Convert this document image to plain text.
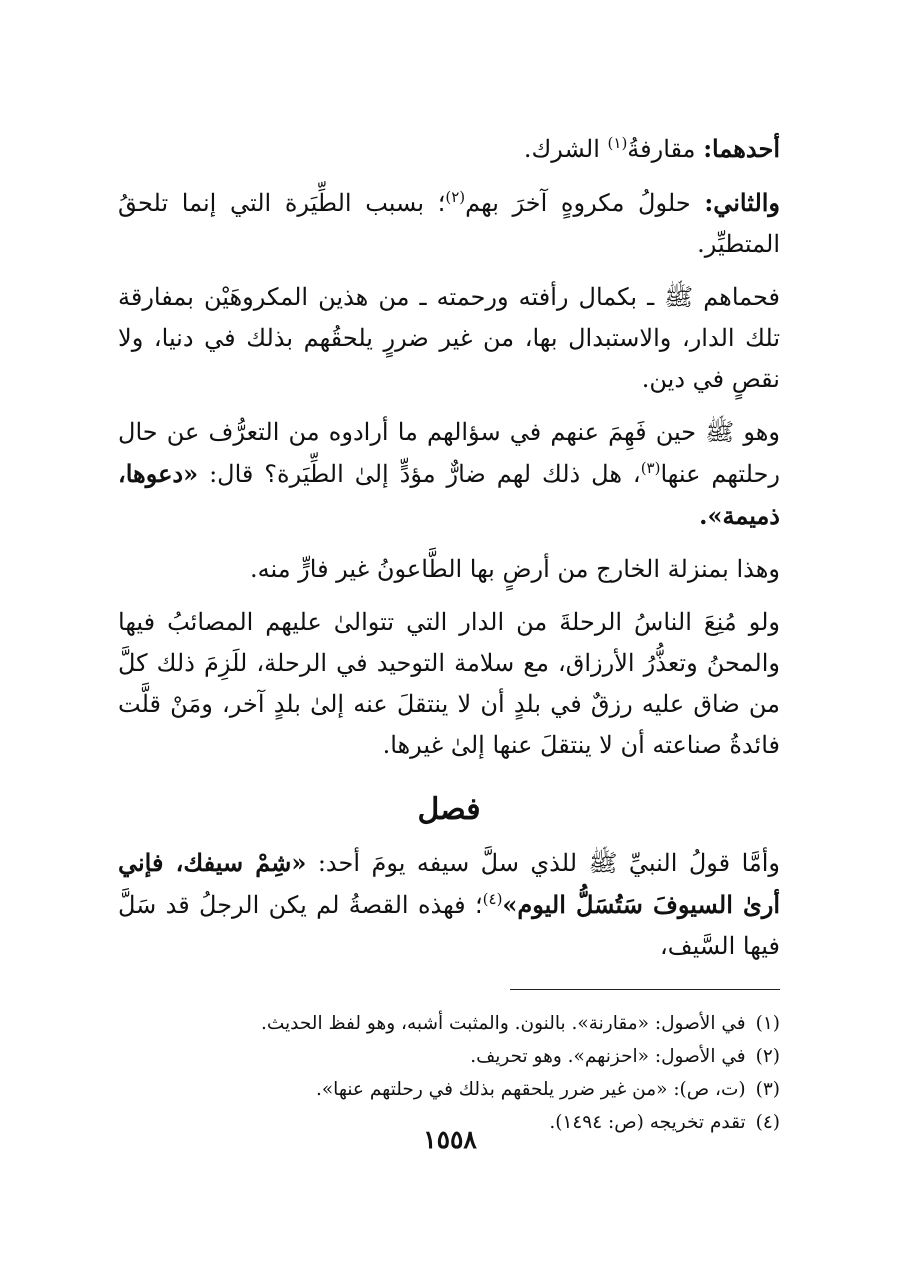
أحدهما: مقارفةُ$^{(١)}$ الشرك.

والثاني: حلولُ مكروهٍ آخرَ بهم$^{(٢)}$؛ بسبب الطِّيَرة التي إنما تلحقُ المتطيِّر.

فحماهم ﷺ ـ بكمال رأفته ورحمته ـ من هذين المكروهَيْن بمفارقة تلك الدار، والاستبدال بها، من غير ضررٍ يلحقُهم بذلك في دنيا، ولا نقصٍ في دين.

وهو ﷺ حين فَهِمَ عنهم في سؤالهم ما أرادوه من التعرُّف عن حال رحلتهم عنها$^{(٣)}$، هل ذلك لهم ضارٌّ مؤدٍّ إلىٰ الطِّيَرة؟ قال: «دعوها، ذميمة».

وهذا بمنزلة الخارج من أرضٍ بها الطَّاعونُ غير فارٍّ منه.

ولو مُنِعَ الناسُ الرحلةَ من الدار التي تتوالىٰ عليهم المصائبُ فيها والمحنُ وتعذُّرُ الأرزاق، مع سلامة التوحيد في الرحلة، للَزِمَ ذلك كلَّ من ضاق عليه رزقٌ في بلدٍ أن لا ينتقلَ عنه إلىٰ بلدٍ آخر، ومَنْ قلَّت فائدةُ صناعته أن لا ينتقلَ عنها إلىٰ غيرها.

فصل

وأمَّا قولُ النبيِّ ﷺ للذي سلَّ سيفه يومَ أحد: «شِمْ سيفك، فإني أرىٰ السيوفَ سَتُسَلُّ اليوم»$^{(٤)}$؛ فهذه القصةُ لم يكن الرجلُ قد سَلَّ فيها السَّيف،

(١)
في الأصول: «مقارنة». بالنون. والمثبت أشبه، وهو لفظ الحديث.
(٢)
في الأصول: «احزنهم». وهو تحريف.
(٣)
(ت، ص): «من غير ضرر يلحقهم بذلك في رحلتهم عنها».
(٤)
تقدم تخريجه (ص: ١٤٩٤).
١٥٥٨
